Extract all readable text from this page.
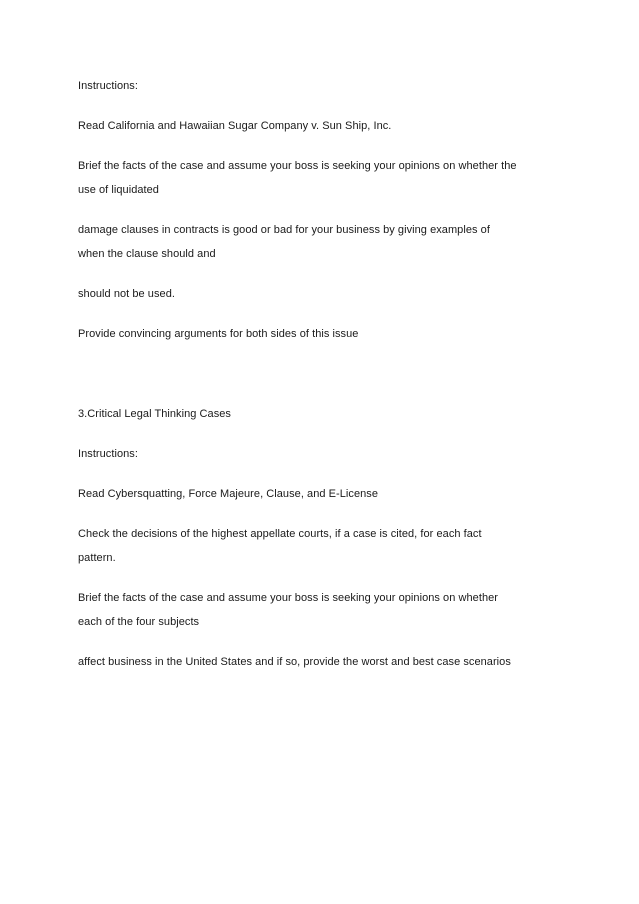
Instructions:

Read California and Hawaiian Sugar Company v. Sun Ship, Inc.

Brief the facts of the case and assume your boss is seeking your opinions on whether the

use of liquidated

damage clauses in contracts is good or bad for your business by giving examples of

when the clause should and

should not be used.

Provide convincing arguments for both sides of this issue

3.Critical Legal Thinking Cases

Instructions:

Read Cybersquatting, Force Majeure, Clause, and E-License

Check the decisions of the highest appellate courts, if a case is cited, for each fact

pattern.

Brief the facts of the case and assume your boss is seeking your opinions on whether

each of the four subjects

affect business in the United States and if so, provide the worst and best case scenarios
